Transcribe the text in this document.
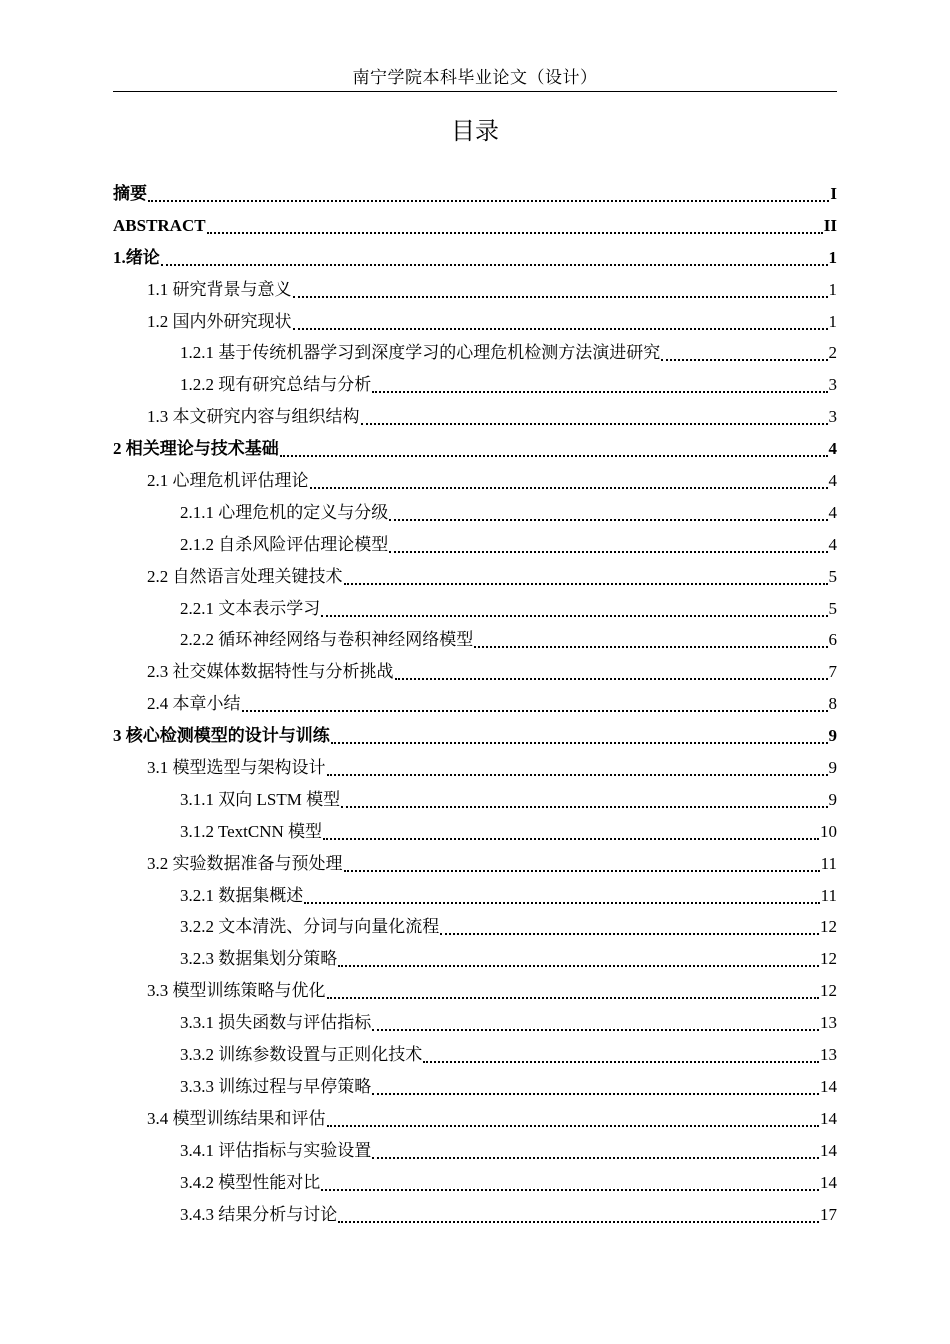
南宁学院本科毕业论文（设计）
目录
摘要	I
ABSTRACT	II
1.绪论	1
1.1 研究背景与意义	1
1.2 国内外研究现状	1
1.2.1 基于传统机器学习到深度学习的心理危机检测方法演进研究	2
1.2.2 现有研究总结与分析	3
1.3 本文研究内容与组织结构	3
2 相关理论与技术基础	4
2.1 心理危机评估理论	4
2.1.1 心理危机的定义与分级	4
2.1.2 自杀风险评估理论模型	4
2.2 自然语言处理关键技术	5
2.2.1 文本表示学习	5
2.2.2 循环神经网络与卷积神经网络模型	6
2.3 社交媒体数据特性与分析挑战	7
2.4 本章小结	8
3 核心检测模型的设计与训练	9
3.1 模型选型与架构设计	9
3.1.1 双向 LSTM 模型	9
3.1.2 TextCNN 模型	10
3.2 实验数据准备与预处理	11
3.2.1 数据集概述	11
3.2.2 文本清洗、分词与向量化流程	12
3.2.3 数据集划分策略	12
3.3 模型训练策略与优化	12
3.3.1 损失函数与评估指标	13
3.3.2 训练参数设置与正则化技术	13
3.3.3 训练过程与早停策略	14
3.4 模型训练结果和评估	14
3.4.1 评估指标与实验设置	14
3.4.2 模型性能对比	14
3.4.3 结果分析与讨论	17
